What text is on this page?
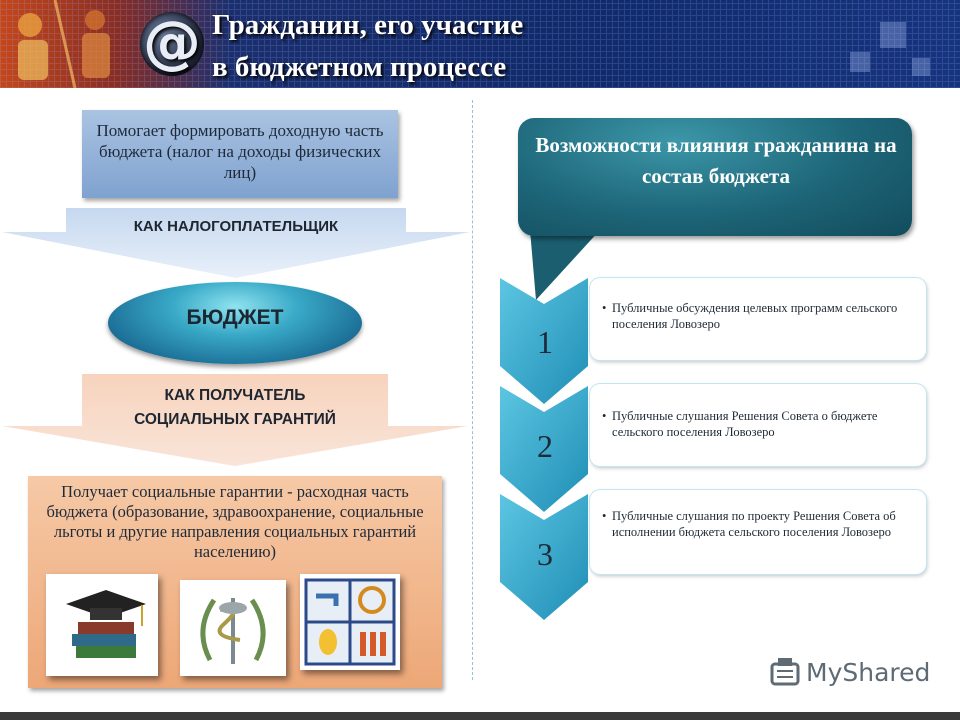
@ Гражданин, его участие
в бюджетном процессе
Помогает формировать доходную часть бюджета (налог на доходы физических лиц)
КАК НАЛОГОПЛАТЕЛЬЩИК
БЮДЖЕТ
КАК ПОЛУЧАТЕЛЬ
СОЦИАЛЬНЫХ ГАРАНТИЙ
Получает социальные гарантии - расходная часть бюджета (образование, здравоохранение, социальные льготы и другие направления социальных гарантий населению)
Возможности влияния гражданина на состав бюджета
1
2
3
• Публичные обсуждения целевых программ сельского поселения Ловозеро
• Публичные слушания Решения Совета о бюджете сельского поселения Ловозеро
• Публичные слушания по проекту Решения Совета об исполнении бюджета сельского поселения Ловозеро
MyShared
